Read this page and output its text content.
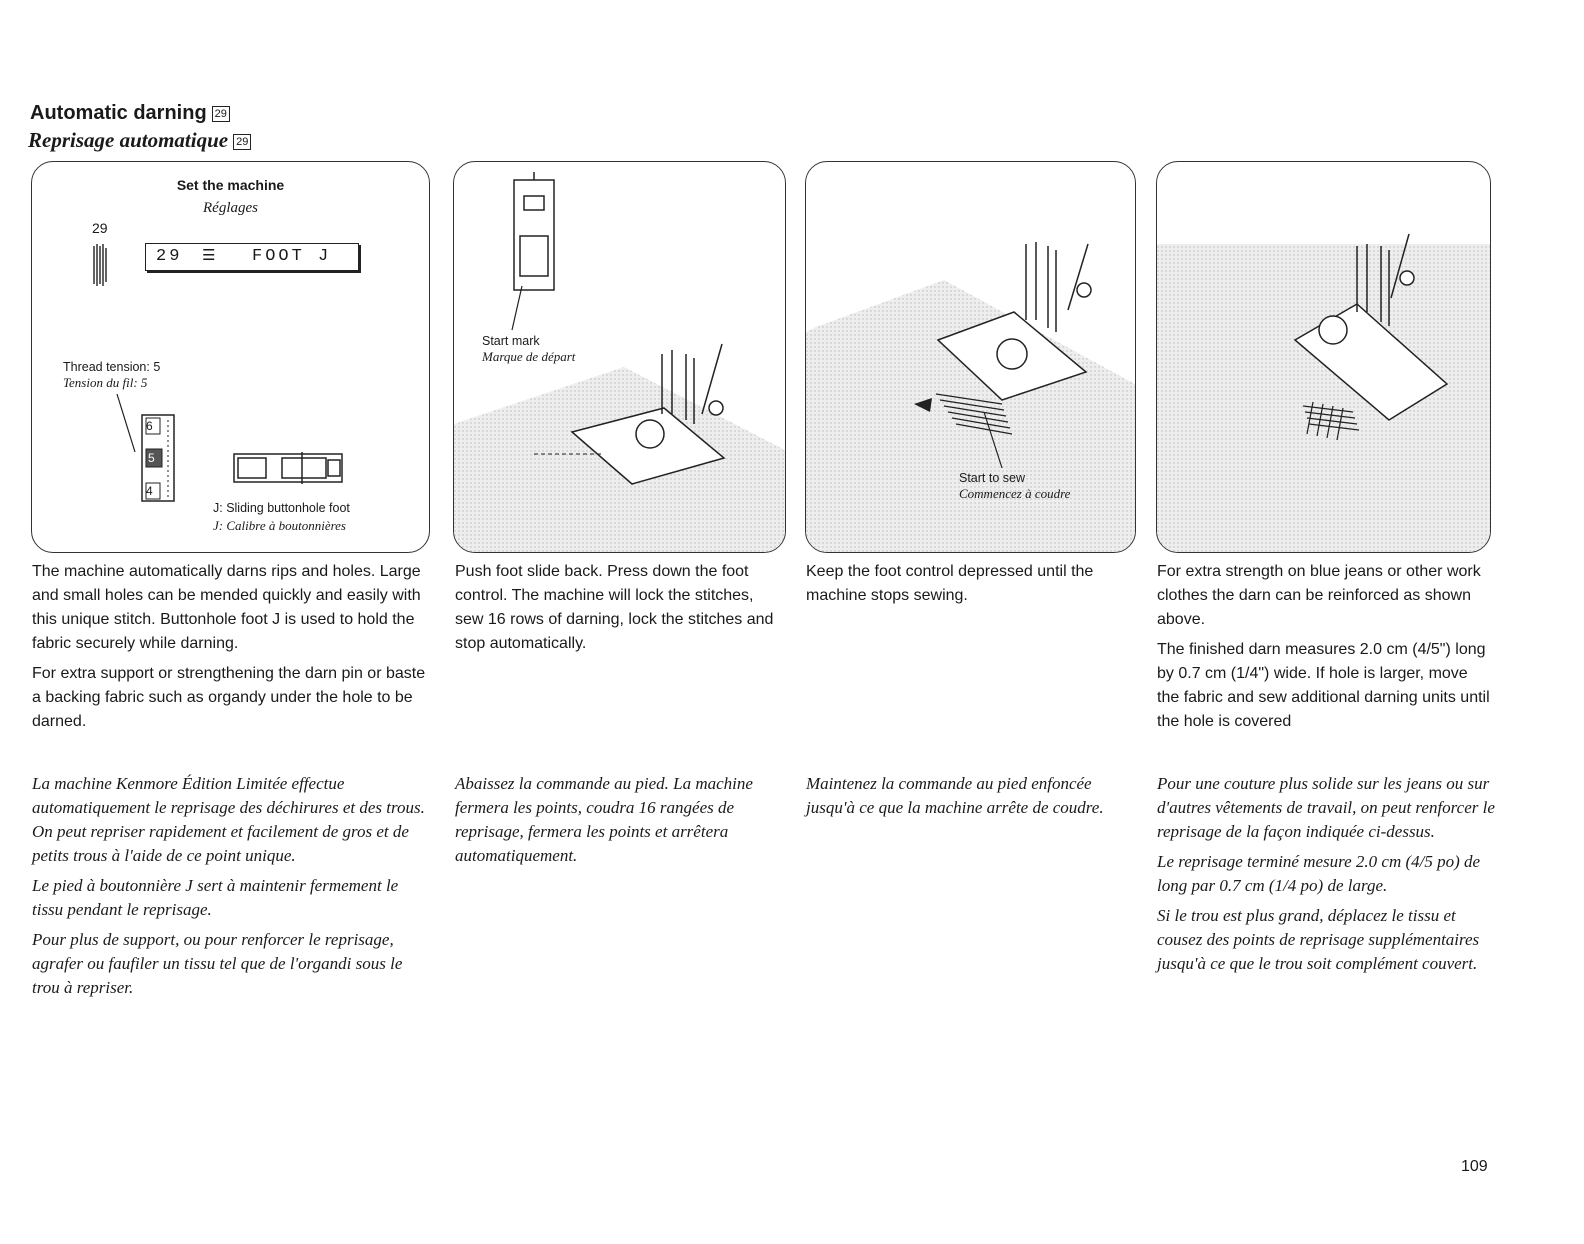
Automatic darning 29
Reprisage automatique 29
Set the machine
Réglages
29
29 ☰ FOOT J
Thread tension: 5
Tension du fil: 5
6
5
4
J: Sliding buttonhole foot
J: Calibre à boutonnières
Start mark
Marque de départ
Start to sew
Commencez à coudre

The machine automatically darns rips and holes. Large and small holes can be mended quickly and easily with this unique stitch. Buttonhole foot J is used to hold the fabric securely while darning.

For extra support or strengthening the darn pin or baste a backing fabric such as organdy under the hole to be darned.

La machine Kenmore Édition Limitée effectue automatiquement le reprisage des déchirures et des trous. On peut repriser rapidement et facilement de gros et de petits trous à l'aide de ce point unique.

Le pied à boutonnière J sert à maintenir fermement le tissu pendant le reprisage.

Pour plus de support, ou pour renforcer le reprisage, agrafer ou faufiler un tissu tel que de l'organdi sous le trou à repriser.

Push foot slide back. Press down the foot control. The machine will lock the stitches, sew 16 rows of darning, lock the stitches and stop automatically.

Abaissez la commande au pied. La machine fermera les points, coudra 16 rangées de reprisage, fermera les points et arrêtera automatiquement.

Keep the foot control depressed until the machine stops sewing.

Maintenez la commande au pied enfoncée jusqu'à ce que la machine arrête de coudre.

For extra strength on blue jeans or other work clothes the darn can be reinforced as shown above.

The finished darn measures 2.0 cm (4/5") long by 0.7 cm (1/4") wide. If hole is larger, move the fabric and sew additional darning units until the hole is covered

Pour une couture plus solide sur les jeans ou sur d'autres vêtements de travail, on peut renforcer le reprisage de la façon indiquée ci-dessus.

Le reprisage terminé mesure 2.0 cm (4/5 po) de long par 0.7 cm (1/4 po) de large.

Si le trou est plus grand, déplacez le tissu et cousez des points de reprisage supplémentaires jusqu'à ce que le trou soit complément couvert.

109
